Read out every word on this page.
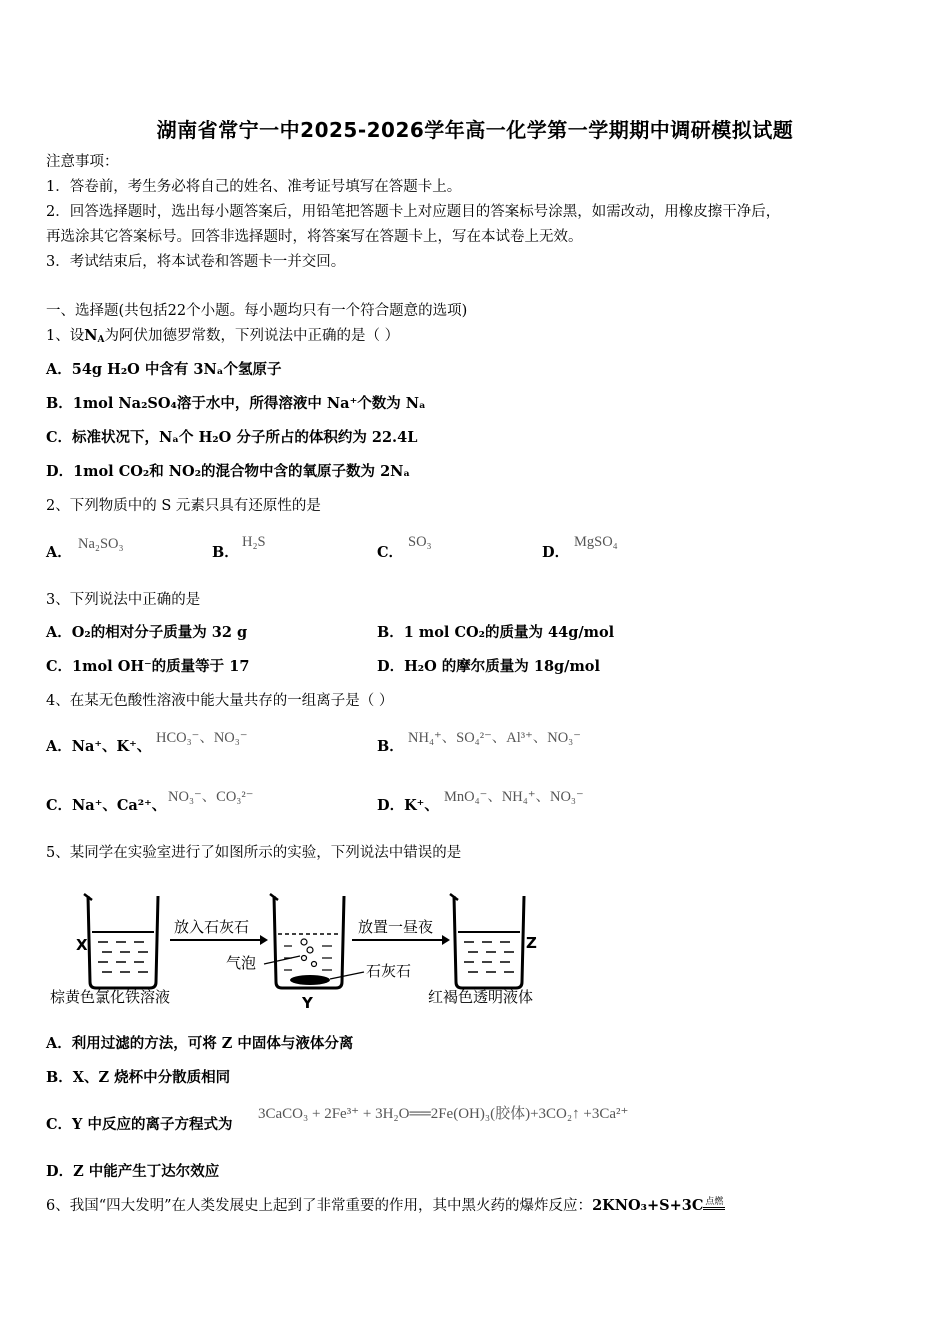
湖南省常宁一中2025-2026学年高一化学第一学期期中调研模拟试题
注意事项：
1．答卷前，考生务必将自己的姓名、准考证号填写在答题卡上。
2．回答选择题时，选出每小题答案后，用铅笔把答题卡上对应题目的答案标号涂黑，如需改动，用橡皮擦干净后，
再选涂其它答案标号。回答非选择题时，将答案写在答题卡上，写在本试卷上无效。
3．考试结束后，将本试卷和答题卡一并交回。
一、选择题(共包括22个小题。每小题均只有一个符合题意的选项)
1、设$N_A$为阿伏加德罗常数，下列说法中正确的是（ ）
A．54g H₂O 中含有 3Nₐ个氢原子
B．1mol Na₂SO₄溶于水中，所得溶液中 Na⁺个数为 Nₐ
C．标准状况下，Nₐ个 H₂O 分子所占的体积约为 22.4L
D．1mol CO₂和 NO₂的混合物中含的氧原子数为 2Nₐ
2、下列物质中的 S 元素只具有还原性的是
A． Na₂SO₃	B．
H₂S
C．
SO₃
D．
MgSO₄
3、下列说法中正确的是
A．O₂的相对分子质量为 32 g	B．1 mol CO₂的质量为 44g/mol
C．1mol OH⁻的质量等于 17	D．H₂O 的摩尔质量为 18g/mol
4、在某无色酸性溶液中能大量共存的一组离子是（ ）
A．Na⁺、K⁺、 HCO₃⁻、NO₃⁻	B． NH₄⁺、SO₄²⁻、Al³⁺、NO₃⁻
C．Na⁺、Ca²⁺、 NO₃⁻、CO₃²⁻	D．K⁺、 MnO₄⁻、NH₄⁺、NO₃⁻
5、某同学在实验室进行了如图所示的实验，下列说法中错误的是
X
放入石灰石
气泡	石灰石
Y
放置一昼夜
Z
棕黄色氯化铁溶液	红褐色透明液体
A．利用过滤的方法，可将 Z 中固体与液体分离
B．X、Z 烧杯中分散质相同
C．Y 中反应的离子方程式为
3CaCO₃ + 2Fe³⁺ + 3H₂O══2Fe(OH)₃(胶体)+3CO₂↑ +3Ca²⁺
D．Z 中能产生丁达尔效应
6、我国“四大发明”在人类发展史上起到了非常重要的作用，其中黑火药的爆炸反应：2KNO₃+S+3C 点燃
